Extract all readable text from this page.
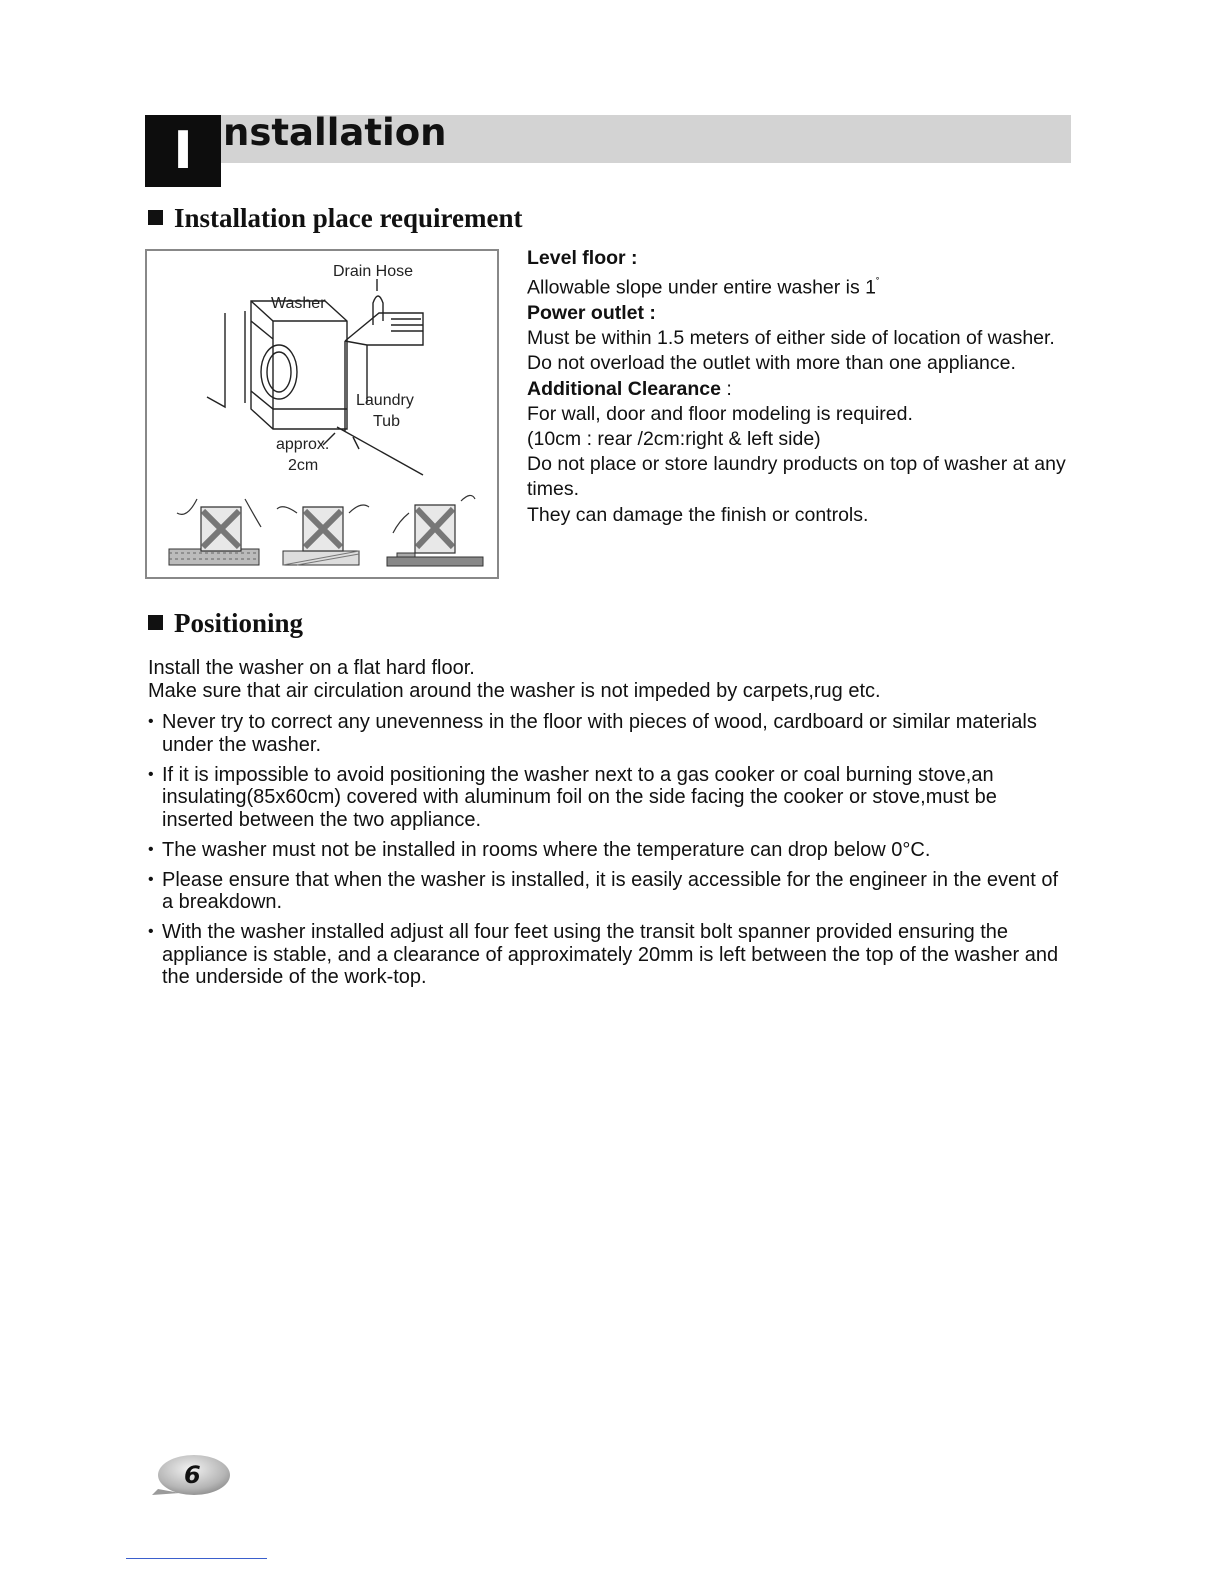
I nstallation
Installation place requirement
Drain Hose
Washer
Laundry
Tub
approx.
2cm

Level floor :

Allowable slope under entire washer is 1˚

Power outlet :

Must be within 1.5 meters of either side of location of washer. Do not overload the outlet with more than one appliance.

Additional Clearance :

For wall, door and floor modeling is required.

(10cm : rear /2cm:right & left side)

Do not place or store laundry products on top of washer at any times.

They can damage the finish or controls.

Positioning

Install the washer on a flat hard floor.

Make sure that air circulation around the washer is not impeded by carpets,rug etc.

• Never try to correct any unevenness in the floor with pieces of wood, cardboard or similar materials under the washer.
• If it is impossible to avoid positioning the washer next to a gas cooker or coal burning stove,an insulating(85x60cm) covered with aluminum foil on the side facing the cooker or stove,must be inserted between the two appliance.
• The washer must not be installed in rooms where the temperature can drop below 0°C.
• Please ensure that when the washer is installed, it is easily accessible for the engineer in the event of a breakdown.
• With the washer installed adjust all four feet using the transit bolt spanner provided ensuring the appliance is stable, and a clearance of approximately 20mm is left between the top of the washer and the underside of the work-top.
6
